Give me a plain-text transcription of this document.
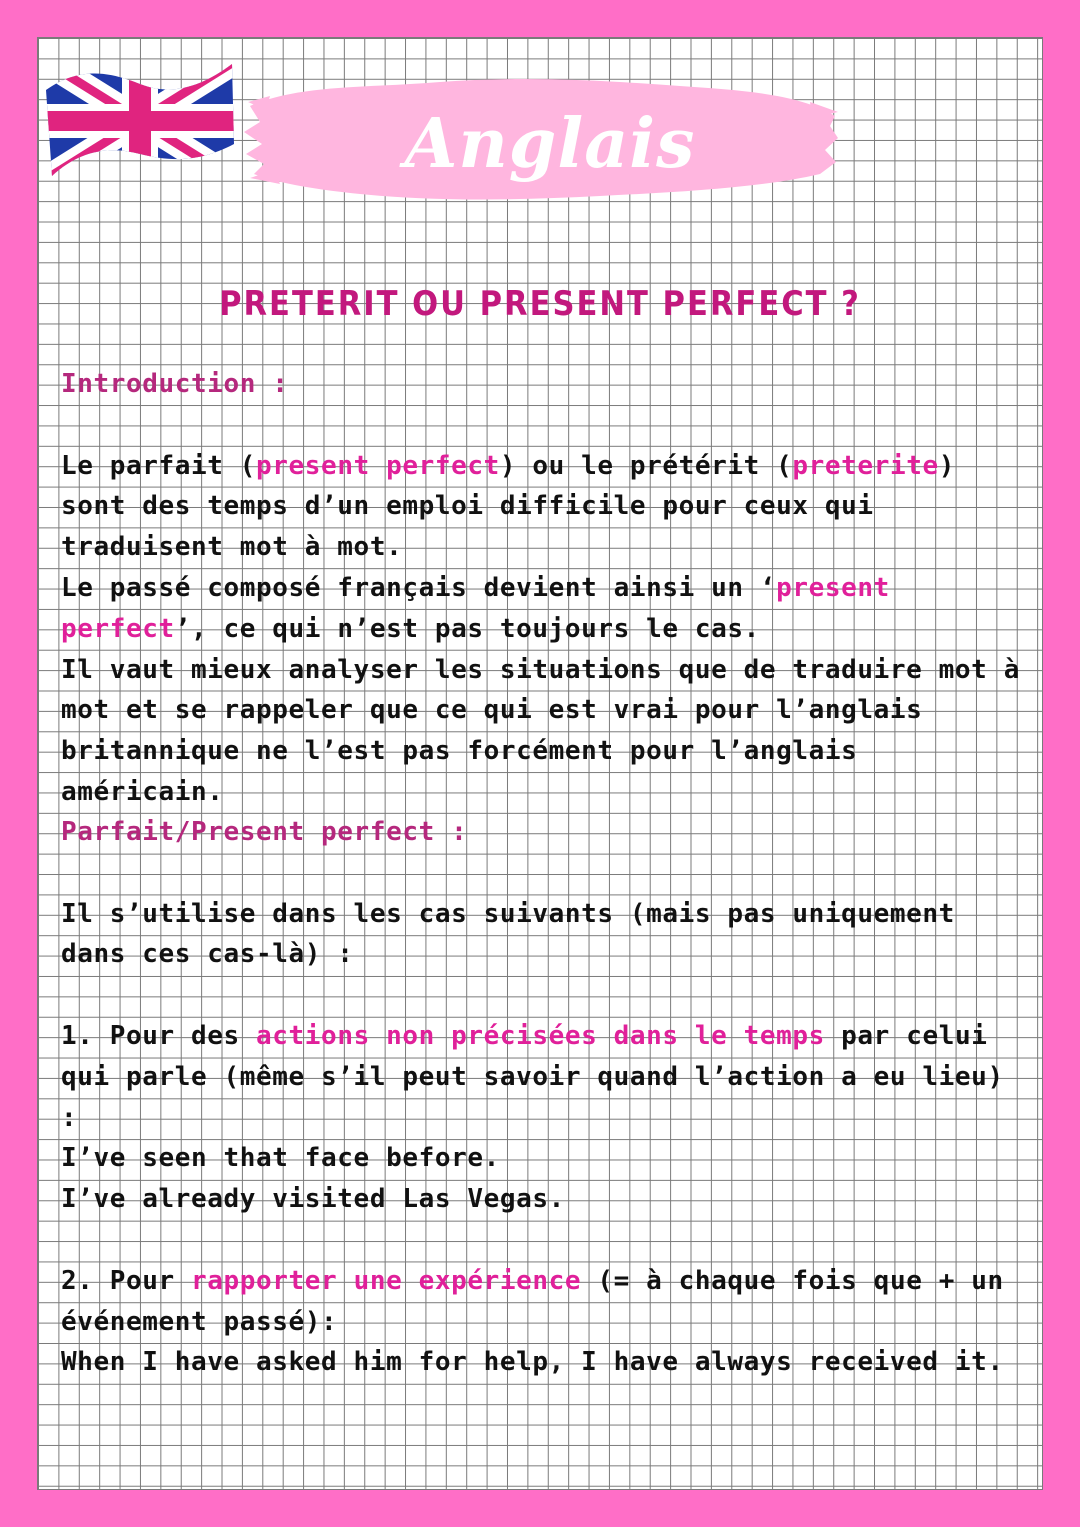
Anglais
PRETERIT OU PRESENT PERFECT ?

Introduction :

Le parfait (present perfect) ou le prétérit (preterite) sont des temps d’un emploi difficile pour ceux qui traduisent mot à mot.

Le passé composé français devient ainsi un ‘present perfect’, ce qui n’est pas toujours le cas.

Il vaut mieux analyser les situations que de traduire mot à mot et se rappeler que ce qui est vrai pour l’anglais britannique ne l’est pas forcément pour l’anglais américain.

Parfait/Present perfect :

Il s’utilise dans les cas suivants (mais pas uniquement dans ces cas-là) :

1. Pour des actions non précisées dans le temps par celui qui parle (même s’il peut savoir quand l’action a eu lieu) :

I’ve seen that face before.

I’ve already visited Las Vegas.

2. Pour rapporter une expérience (= à chaque fois que + un événement passé):

When I have asked him for help, I have always received it.
